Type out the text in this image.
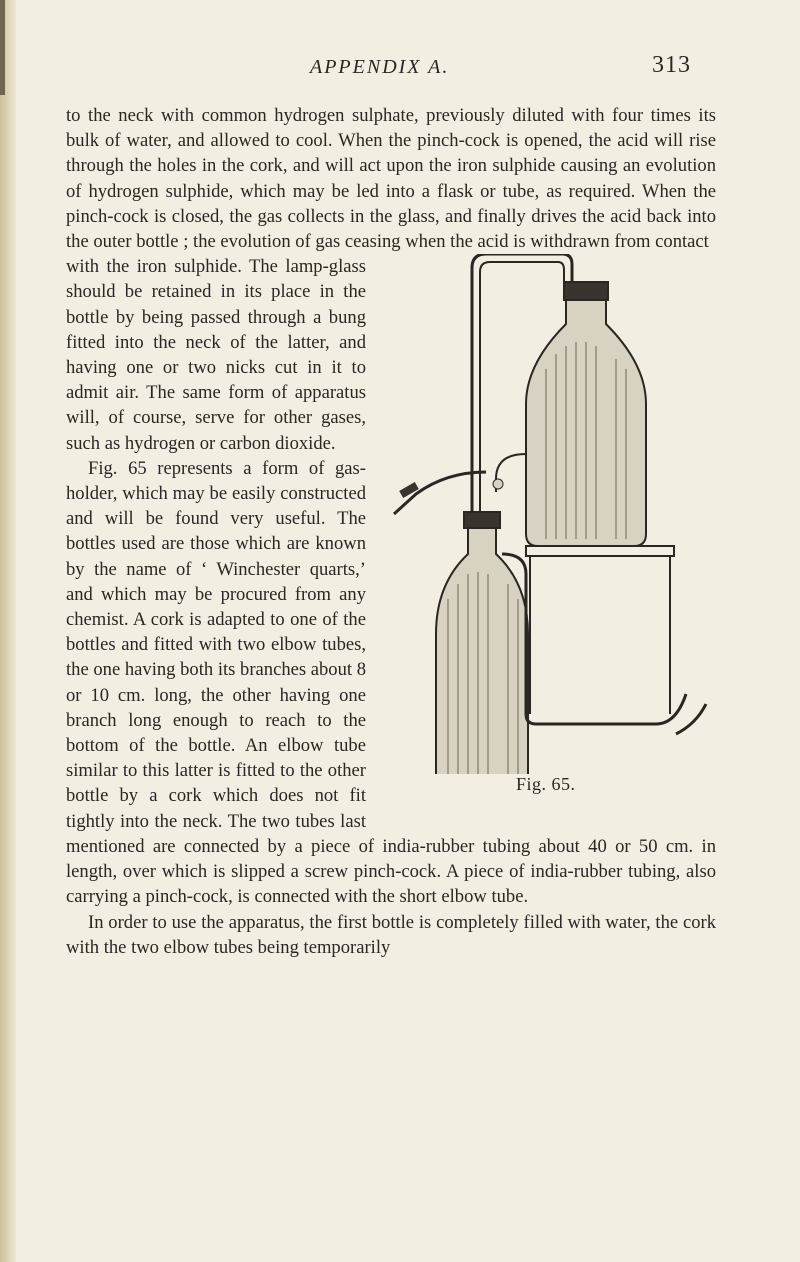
APPENDIX A.	313

to the neck with common hydrogen sulphate, previously diluted with four times its bulk of water, and allowed to cool. When the pinch-cock is opened, the acid will rise through the holes in the cork, and will act upon the iron sulphide causing an evolution of hydrogen sulphide, which may be led into a flask or tube, as required. When the pinch-cock is closed, the gas collects in the glass, and finally drives the acid back into the outer bottle ; the evolution of gas ceasing when the acid is withdrawn from contact

Fig. 65.

with the iron sulphide. The lamp-glass should be retained in its place in the bottle by being passed through a bung fitted into the neck of the latter, and having one or two nicks cut in it to admit air. The same form of apparatus will, of course, serve for other gases, such as hydrogen or carbon dioxide.

Fig. 65 represents a form of gas-holder, which may be easily constructed and will be found very useful. The bottles used are those which are known by the name of ‘ Winchester quarts,’ and which may be procured from any chemist. A cork is adapted to one of the bottles and fitted with two elbow tubes, the one having both its branches about 8 or 10 cm. long, the other having one branch long enough to reach to the bottom of the bottle. An elbow tube similar to this latter is fitted to the other bottle by a cork which does not fit tightly into the neck. The two tubes last mentioned are connected by a piece of india-rubber tubing about 40 or 50 cm. in length, over which is slipped a screw pinch-cock. A piece of india-rubber tubing, also carrying a pinch-cock, is connected with the short elbow tube.

In order to use the apparatus, the first bottle is completely filled with water, the cork with the two elbow tubes being temporarily
